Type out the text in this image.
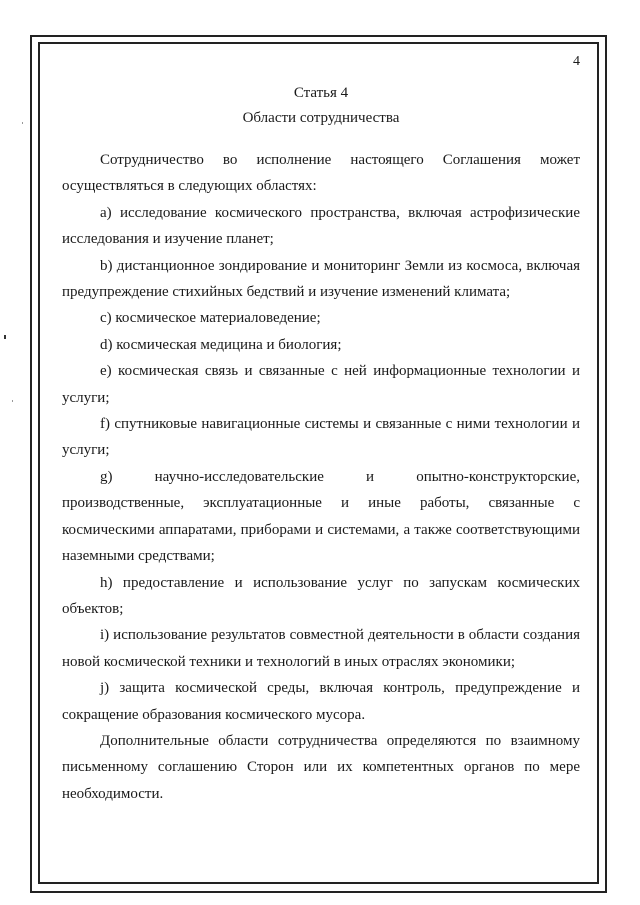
4
Статья 4
Области сотрудничества

Сотрудничество во исполнение настоящего Соглашения может осуществляться в следующих областях:

a) исследование космического пространства, включая астрофизические исследования и изучение планет;

b) дистанционное зондирование и мониторинг Земли из космоса, включая предупреждение стихийных бедствий и изучение изменений климата;

c) космическое материаловедение;

d) космическая медицина и биология;

e) космическая связь и связанные с ней информационные технологии и услуги;

f) спутниковые навигационные системы и связанные с ними технологии и услуги;

g) научно-исследовательские и опытно-конструкторские, производственные, эксплуатационные и иные работы, связанные с космическими аппаратами, приборами и системами, а также соответствующими наземными средствами;

h) предоставление и использование услуг по запускам космических объектов;

i) использование результатов совместной деятельности в области создания новой космической техники и технологий в иных отраслях экономики;

j) защита космической среды, включая контроль, предупреждение и сокращение образования космического мусора.

Дополнительные области сотрудничества определяются по взаимному письменному соглашению Сторон или их компетентных органов по мере необходимости.
